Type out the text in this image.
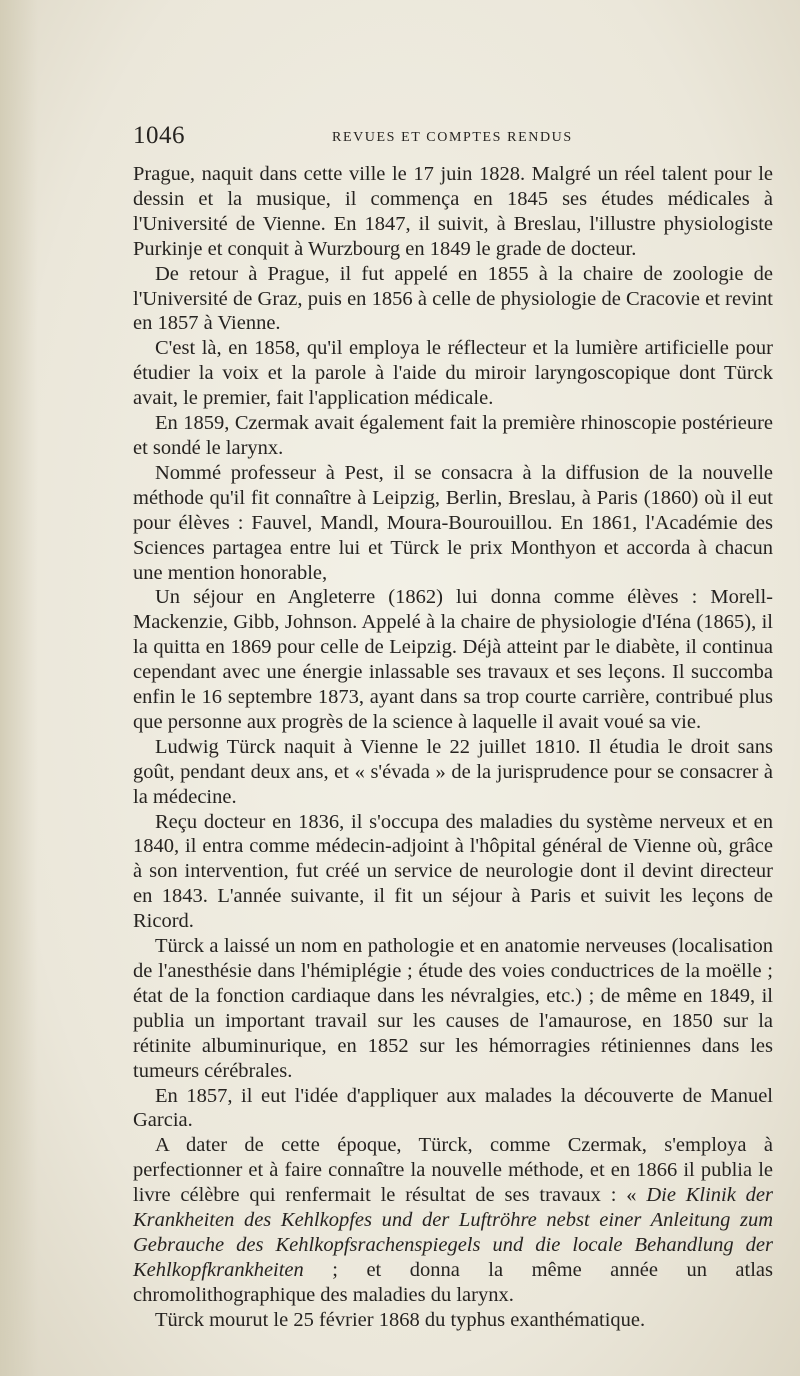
1046	REVUES ET COMPTES RENDUS

Prague, naquit dans cette ville le 17 juin 1828. Malgré un réel talent pour le dessin et la musique, il commença en 1845 ses études médicales à l'Université de Vienne. En 1847, il suivit, à Breslau, l'illustre physiologiste Purkinje et conquit à Wurzbourg en 1849 le grade de docteur.

De retour à Prague, il fut appelé en 1855 à la chaire de zoologie de l'Université de Graz, puis en 1856 à celle de physiologie de Cracovie et revint en 1857 à Vienne.

C'est là, en 1858, qu'il employa le réflecteur et la lumière artificielle pour étudier la voix et la parole à l'aide du miroir laryngoscopique dont Türck avait, le premier, fait l'application médicale.

En 1859, Czermak avait également fait la première rhinoscopie postérieure et sondé le larynx.

Nommé professeur à Pest, il se consacra à la diffusion de la nouvelle méthode qu'il fit connaître à Leipzig, Berlin, Breslau, à Paris (1860) où il eut pour élèves : Fauvel, Mandl, Moura-Bourouillou. En 1861, l'Académie des Sciences partagea entre lui et Türck le prix Monthyon et accorda à chacun une mention honorable,

Un séjour en Angleterre (1862) lui donna comme élèves : Morell-Mackenzie, Gibb, Johnson. Appelé à la chaire de physiologie d'Iéna (1865), il la quitta en 1869 pour celle de Leipzig. Déjà atteint par le diabète, il continua cependant avec une énergie inlassable ses travaux et ses leçons. Il succomba enfin le 16 septembre 1873, ayant dans sa trop courte carrière, contribué plus que personne aux progrès de la science à laquelle il avait voué sa vie.

Ludwig Türck naquit à Vienne le 22 juillet 1810. Il étudia le droit sans goût, pendant deux ans, et « s'évada » de la jurisprudence pour se consacrer à la médecine.

Reçu docteur en 1836, il s'occupa des maladies du système nerveux et en 1840, il entra comme médecin-adjoint à l'hôpital général de Vienne où, grâce à son intervention, fut créé un service de neurologie dont il devint directeur en 1843. L'année suivante, il fit un séjour à Paris et suivit les leçons de Ricord.

Türck a laissé un nom en pathologie et en anatomie nerveuses (localisation de l'anesthésie dans l'hémiplégie ; étude des voies conductrices de la moëlle ; état de la fonction cardiaque dans les névralgies, etc.) ; de même en 1849, il publia un important travail sur les causes de l'amaurose, en 1850 sur la rétinite albuminurique, en 1852 sur les hémorragies rétiniennes dans les tumeurs cérébrales.

En 1857, il eut l'idée d'appliquer aux malades la découverte de Manuel Garcia.

A dater de cette époque, Türck, comme Czermak, s'employa à perfectionner et à faire connaître la nouvelle méthode, et en 1866 il publia le livre célèbre qui renfermait le résultat de ses travaux : « Die Klinik der Krankheiten des Kehlkopfes und der Luftröhre nebst einer Anleitung zum Gebrauche des Kehlkopfsrachenspiegels und die locale Behandlung der Kehlkopfkrankheiten ; et donna la même année un atlas chromolithographique des maladies du larynx.

Türck mourut le 25 février 1868 du typhus exanthématique.
